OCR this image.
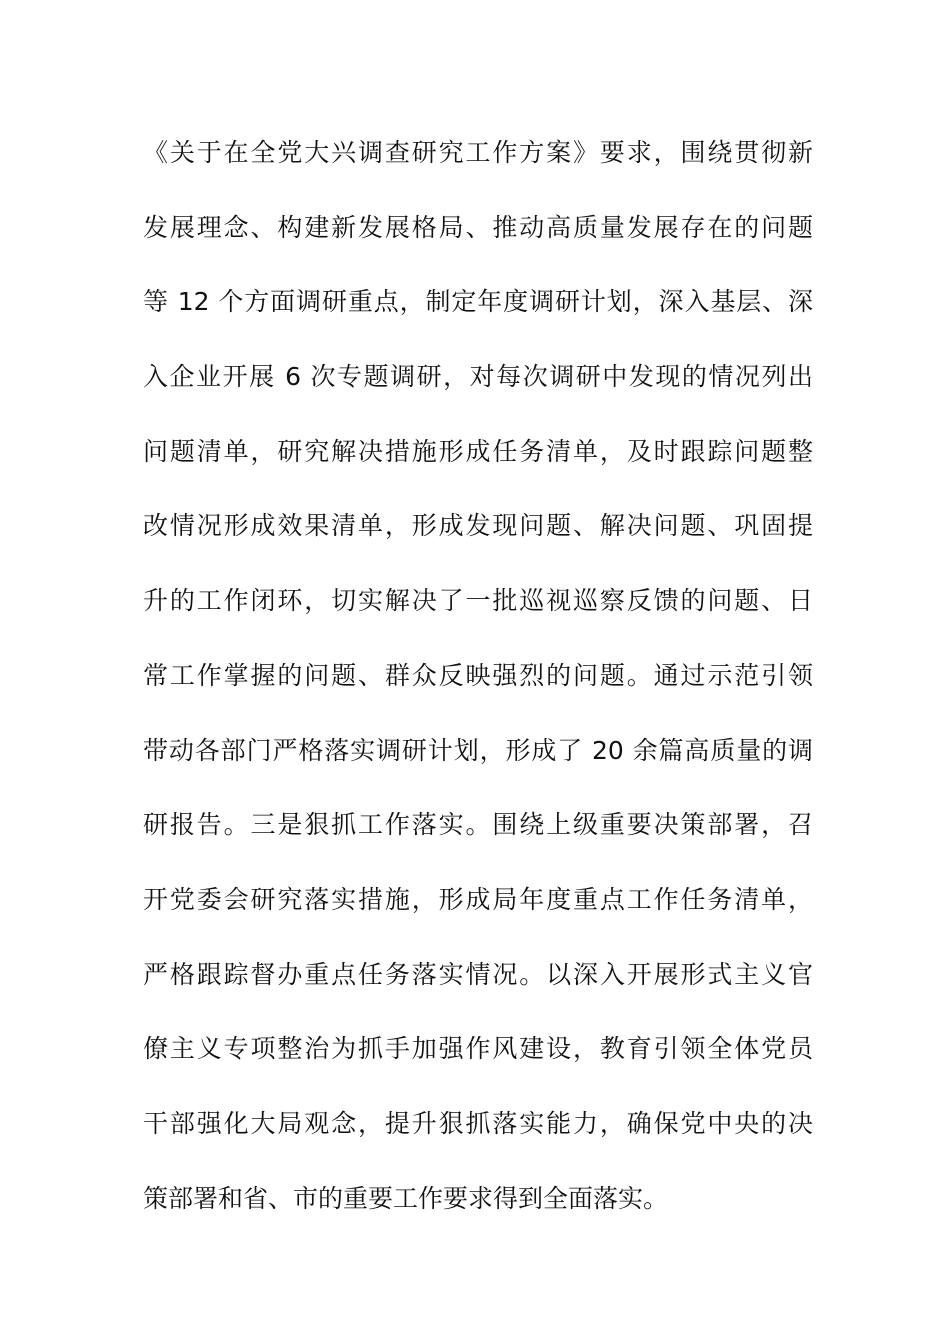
《关于在全党大兴调查研究工作方案》要求，围绕贯彻新
发展理念、构建新发展格局、推动高质量发展存在的问题
等 12 个方面调研重点，制定年度调研计划，深入基层、深
入企业开展 6 次专题调研，对每次调研中发现的情况列出
问题清单，研究解决措施形成任务清单，及时跟踪问题整
改情况形成效果清单，形成发现问题、解决问题、巩固提
升的工作闭环，切实解决了一批巡视巡察反馈的问题、日
常工作掌握的问题、群众反映强烈的问题。通过示范引领
带动各部门严格落实调研计划，形成了 20 余篇高质量的调
研报告。三是狠抓工作落实。围绕上级重要决策部署，召
开党委会研究落实措施，形成局年度重点工作任务清单，
严格跟踪督办重点任务落实情况。以深入开展形式主义官
僚主义专项整治为抓手加强作风建设，教育引领全体党员
干部强化大局观念，提升狠抓落实能力，确保党中央的决
策部署和省、市的重要工作要求得到全面落实。
